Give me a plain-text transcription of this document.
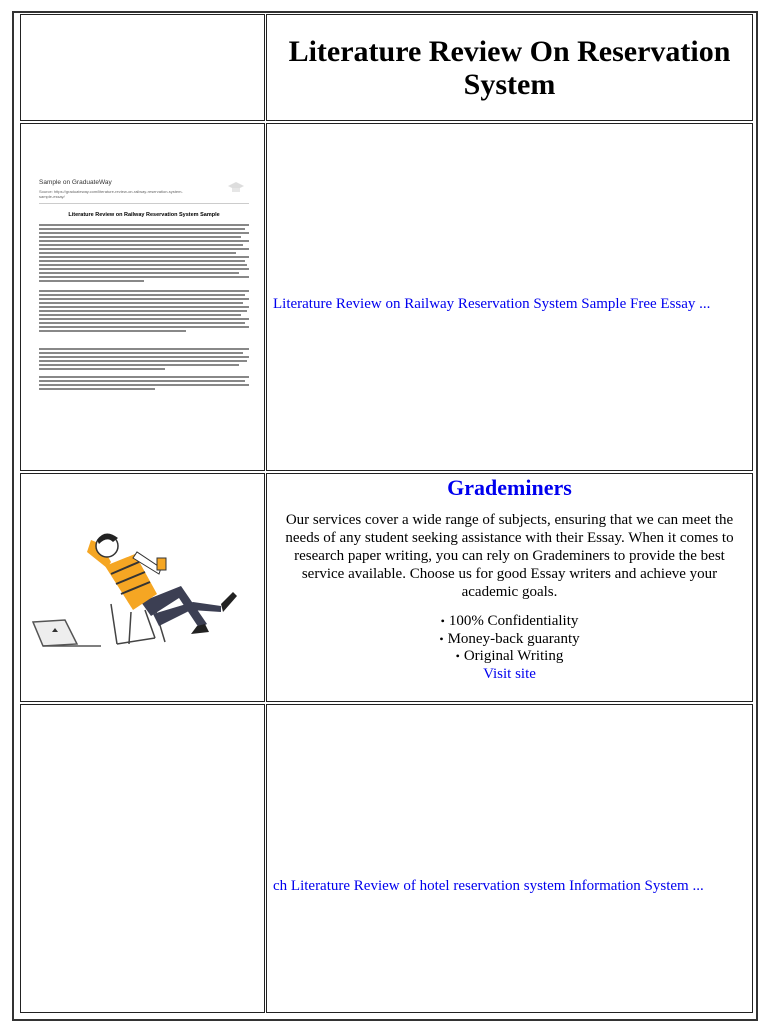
Literature Review On Reservation System
Sample on GraduateWay
Source: https://graduateway.com/literature-review-on-railway-reservation-system-sample-essay/
Literature Review on Railway Reservation System Sample
Literature Review on Railway Reservation System Sample Free Essay ...
Grademiners
Our services cover a wide range of subjects, ensuring that we can meet the needs of any student seeking assistance with their Essay. When it comes to research paper writing, you can rely on Grademiners to provide the best service available. Choose us for good Essay writers and achieve your academic goals.
• 100% Confidentiality
• Money-back guaranty
• Original Writing
Visit site
ch Literature Review of hotel reservation system Information System ...
